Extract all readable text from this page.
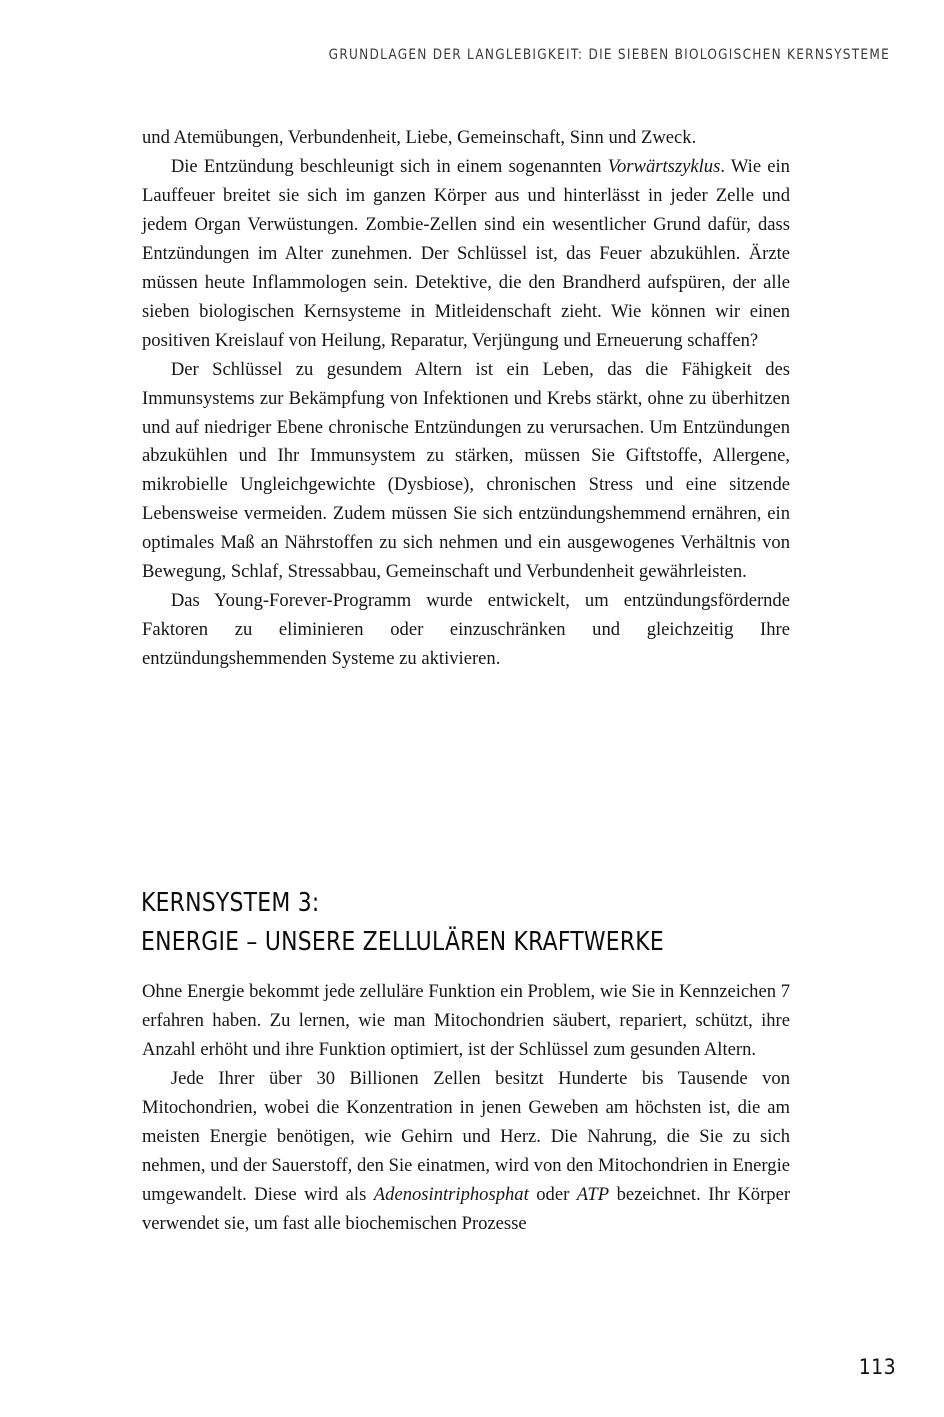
GRUNDLAGEN DER LANGLEBIGKEIT: DIE SIEBEN BIOLOGISCHEN KERNSYSTEME

und Atemübungen, Verbundenheit, Liebe, Gemeinschaft, Sinn und Zweck.

Die Entzündung beschleunigt sich in einem sogenannten Vorwärtszyklus. Wie ein Lauffeuer breitet sie sich im ganzen Körper aus und hinterlässt in jeder Zelle und jedem Organ Verwüstungen. Zombie-Zellen sind ein wesentlicher Grund dafür, dass Entzündungen im Alter zunehmen. Der Schlüssel ist, das Feuer abzukühlen. Ärzte müssen heute Inflammologen sein. Detektive, die den Brandherd aufspüren, der alle sieben biologischen Kernsysteme in Mitleidenschaft zieht. Wie können wir einen positiven Kreislauf von Heilung, Reparatur, Verjüngung und Erneuerung schaffen?

Der Schlüssel zu gesundem Altern ist ein Leben, das die Fähigkeit des Immunsystems zur Bekämpfung von Infektionen und Krebs stärkt, ohne zu überhitzen und auf niedriger Ebene chronische Entzündungen zu verursachen. Um Entzündungen abzukühlen und Ihr Immunsystem zu stärken, müssen Sie Giftstoffe, Allergene, mikrobielle Ungleichgewichte (Dysbiose), chronischen Stress und eine sitzende Lebensweise vermeiden. Zudem müssen Sie sich entzündungshemmend ernähren, ein optimales Maß an Nährstoffen zu sich nehmen und ein ausgewogenes Verhältnis von Bewegung, Schlaf, Stressabbau, Gemeinschaft und Verbundenheit gewährleisten.

Das Young-Forever-Programm wurde entwickelt, um entzündungsfördernde Faktoren zu eliminieren oder einzuschränken und gleichzeitig Ihre entzündungshemmenden Systeme zu aktivieren.

KERNSYSTEM 3:
ENERGIE – UNSERE ZELLULÄREN KRAFTWERKE

Ohne Energie bekommt jede zelluläre Funktion ein Problem, wie Sie in Kennzeichen 7 erfahren haben. Zu lernen, wie man Mitochondrien säubert, repariert, schützt, ihre Anzahl erhöht und ihre Funktion optimiert, ist der Schlüssel zum gesunden Altern.

Jede Ihrer über 30 Billionen Zellen besitzt Hunderte bis Tausende von Mitochondrien, wobei die Konzentration in jenen Geweben am höchsten ist, die am meisten Energie benötigen, wie Gehirn und Herz. Die Nahrung, die Sie zu sich nehmen, und der Sauerstoff, den Sie einatmen, wird von den Mitochondrien in Energie umgewandelt. Diese wird als Adenosintriphosphat oder ATP bezeichnet. Ihr Körper verwendet sie, um fast alle biochemischen Prozesse

113
